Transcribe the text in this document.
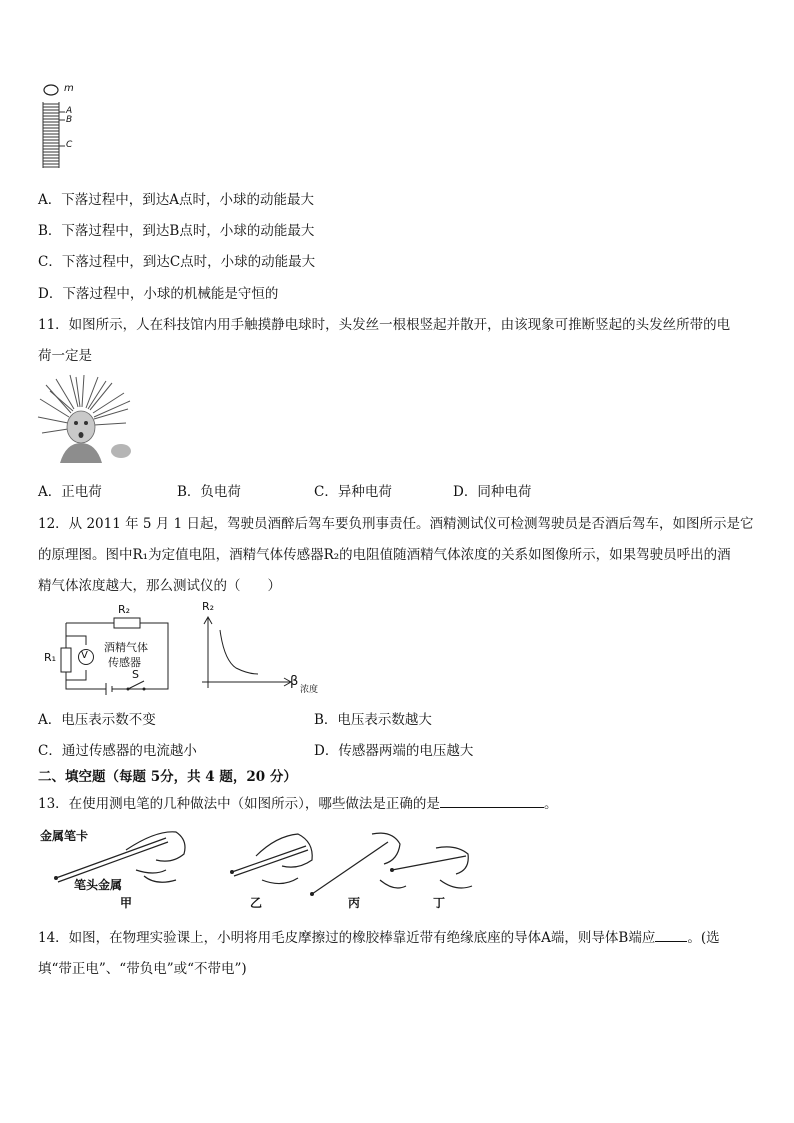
m
A
B
C
A．下落过程中，到达A点时，小球的动能最大
B．下落过程中，到达B点时，小球的动能最大
C．下落过程中，到达C点时，小球的动能最大
D．下落过程中，小球的机械能是守恒的
11．如图所示，人在科技馆内用手触摸静电球时，头发丝一根根竖起并散开，由该现象可推断竖起的头发丝所带的电
荷一定是
A．正电荷	B．负电荷	C．异种电荷	D．同种电荷
12．从 2011 年 5 月 1 日起，驾驶员酒醉后驾车要负刑事责任。酒精测试仪可检测驾驶员是否酒后驾车，如图所示是它
的原理图。图中R₁为定值电阻，酒精气体传感器R₂的电阻值随酒精气体浓度的关系如图像所示，如果驾驶员呼出的酒
精气体浓度越大，那么测试仪的（　　）
R₂
R₁ V
酒精气体
传感器
S
R₂
β
浓度
A．电压表示数不变	B．电压表示数越大
C．通过传感器的电流越小	D．传感器两端的电压越大
二、填空题（每题 5分，共 4 题，20 分）
13．在使用测电笔的几种做法中（如图所示），哪些做法是正确的是	。
金属笔卡
笔头金属
甲	乙	丙	丁
14．如图，在物理实验课上，小明将用毛皮摩擦过的橡胶棒靠近带有绝缘底座的导体A端，则导体B端应 。(选
填“带正电”、“带负电”或“不带电”)
